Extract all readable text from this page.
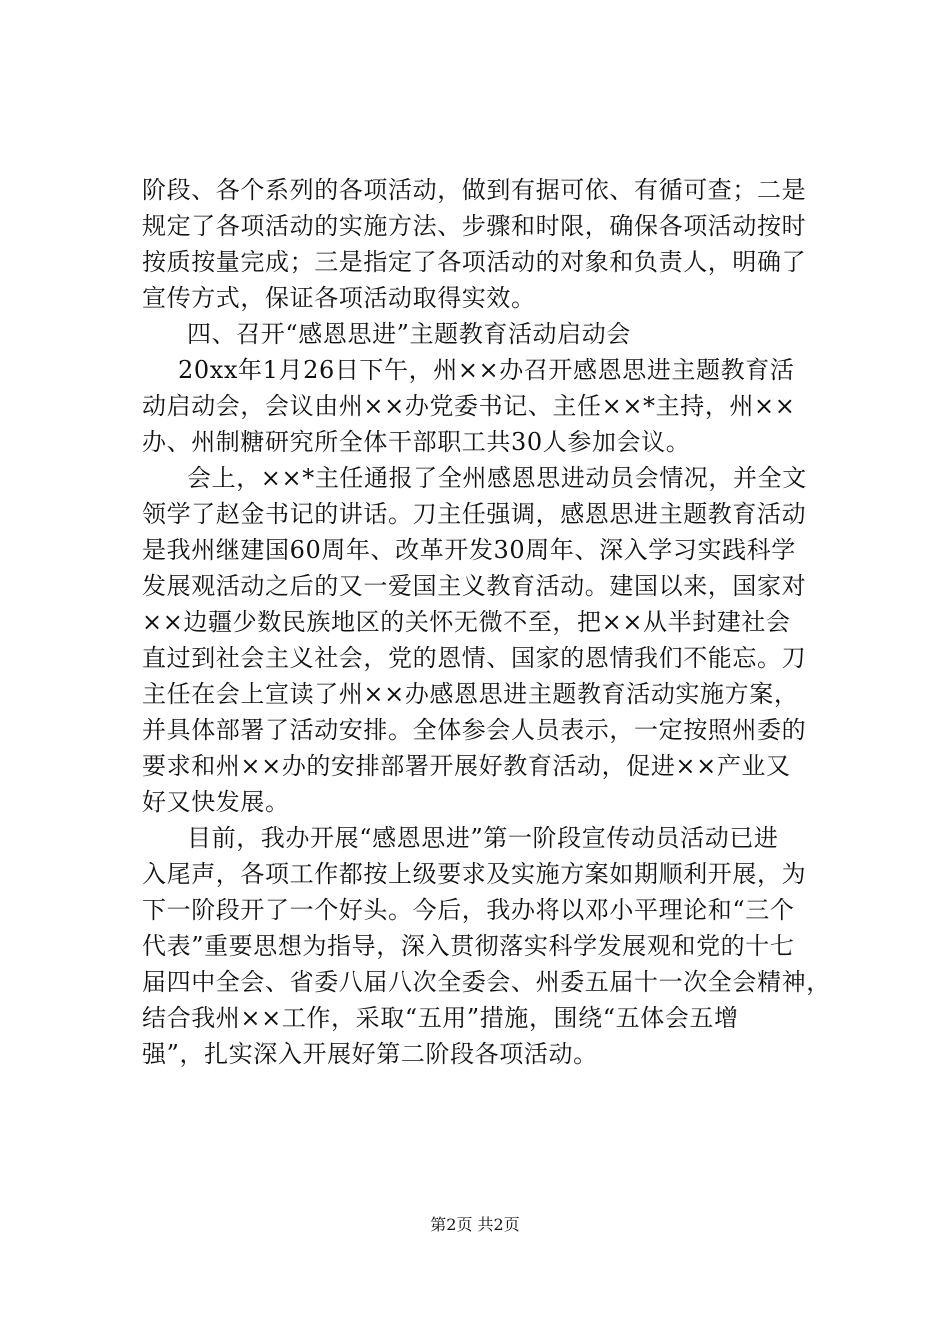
阶段、各个系列的各项活动，做到有据可依、有循可查；二是
规定了各项活动的实施方法、步骤和时限，确保各项活动按时
按质按量完成；三是指定了各项活动的对象和负责人，明确了
宣传方式，保证各项活动取得实效。
四、召开“感恩思进”主题教育活动启动会
20xx年1月26日下午，州××办召开感恩思进主题教育活
动启动会，会议由州××办党委书记、主任××*主持，州××
办、州制糖研究所全体干部职工共30人参加会议。
会上，××*主任通报了全州感恩思进动员会情况，并全文
领学了赵金书记的讲话。刀主任强调，感恩思进主题教育活动
是我州继建国60周年、改革开发30周年、深入学习实践科学
发展观活动之后的又一爱国主义教育活动。建国以来，国家对
××边疆少数民族地区的关怀无微不至，把××从半封建社会
直过到社会主义社会，党的恩情、国家的恩情我们不能忘。刀
主任在会上宣读了州××办感恩思进主题教育活动实施方案，
并具体部署了活动安排。全体参会人员表示，一定按照州委的
要求和州××办的安排部署开展好教育活动，促进××产业又
好又快发展。
目前，我办开展“感恩思进”第一阶段宣传动员活动已进
入尾声，各项工作都按上级要求及实施方案如期顺利开展，为
下一阶段开了一个好头。今后，我办将以邓小平理论和“三个
代表”重要思想为指导，深入贯彻落实科学发展观和党的十七
届四中全会、省委八届八次全委会、州委五届十一次全会精神，
结合我州××工作，采取“五用”措施，围绕“五体会五增
强”，扎实深入开展好第二阶段各项活动。
第2页 共2页
